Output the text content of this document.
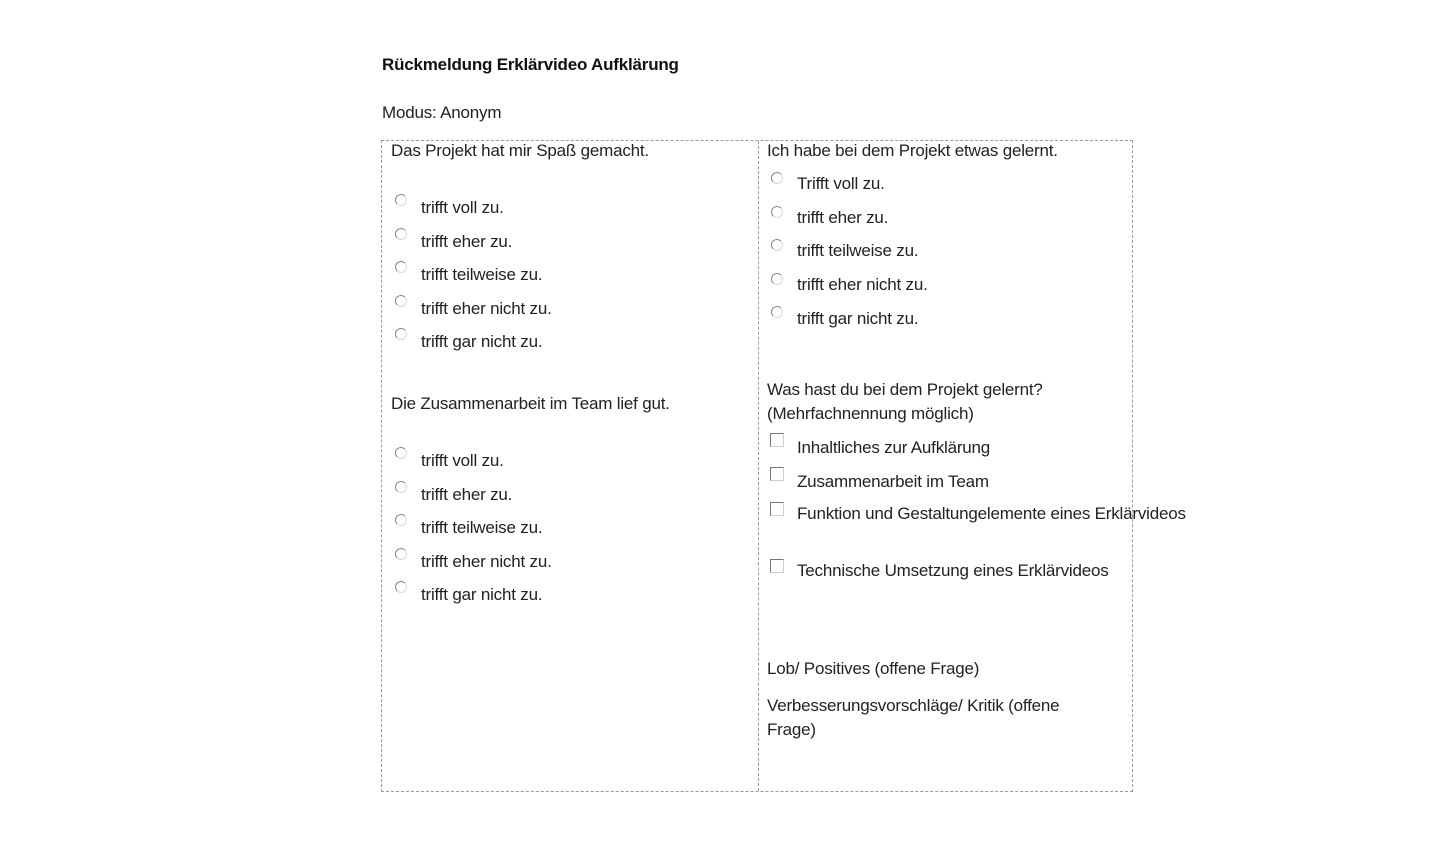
Rückmeldung Erklärvideo Aufklärung
Modus: Anonym
Das Projekt hat mir Spaß gemacht.
trifft voll zu.
trifft eher zu.
trifft teilweise zu.
trifft eher nicht zu.
trifft gar nicht zu.
Die Zusammenarbeit im Team lief gut.
trifft voll zu.
trifft eher zu.
trifft teilweise zu.
trifft eher nicht zu.
trifft gar nicht zu.
Ich habe bei dem Projekt etwas gelernt.
Trifft voll zu.
trifft eher zu.
trifft teilweise zu.
trifft eher nicht zu.
trifft gar nicht zu.
Was hast du bei dem Projekt gelernt?
(Mehrfachnennung möglich)
Inhaltliches zur Aufklärung
Zusammenarbeit im Team
Funktion und Gestaltungelemente eines Erklärvideos
Technische Umsetzung eines Erklärvideos
Lob/ Positives (offene Frage)
Verbesserungsvorschläge/ Kritik (offene Frage)
